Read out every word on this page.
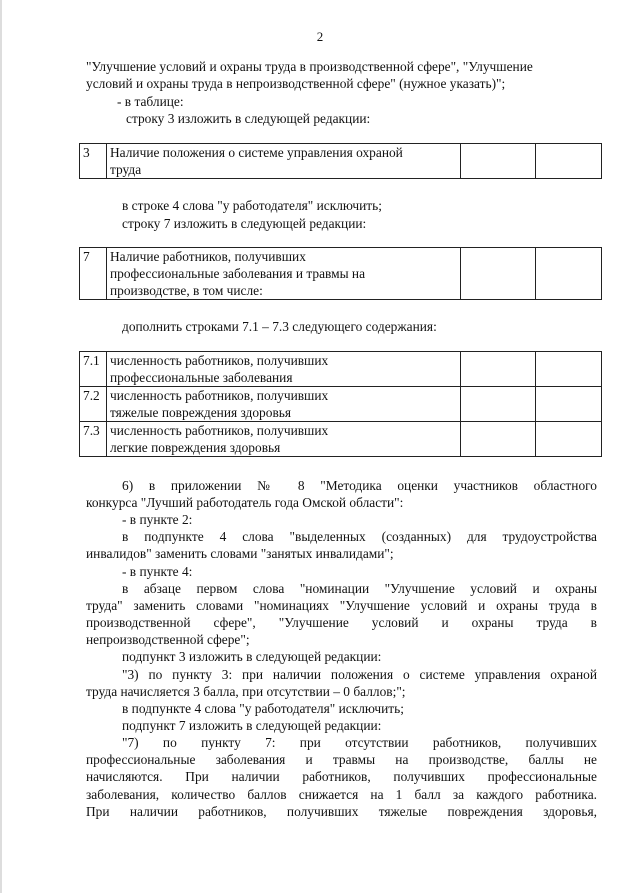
2
"Улучшение условий и охраны труда в производственной сфере", "Улучшение
условий и охраны труда в непроизводственной сфере" (нужное указать)";
- в таблице:
строку 3 изложить в следующей редакции:
3	Наличие положения о системе управления охраной
труда

в строке 4 слова "у работодателя" исключить;
строку 7 изложить в следующей редакции:
7	Наличие работников, получивших
профессиональные заболевания и травмы на
производстве, в том числе:

дополнить строками 7.1 – 7.3 следующего содержания:
7.1	численность работников, получивших
профессиональные заболевания		

7.2	численность работников, получивших
тяжелые повреждения здоровья		

7.3	численность работников, получивших
легкие повреждения здоровья		

6) в приложении № 8 "Методика оценки участников областного
конкурса "Лучший работодатель года Омской области":
- в пункте 2:
в подпункте 4 слова "выделенных (созданных) для трудоустройства
инвалидов" заменить словами "занятых инвалидами";
- в пункте 4:
в абзаце первом слова "номинации "Улучшение условий и охраны
труда" заменить словами "номинациях "Улучшение условий и охраны труда в
производственной сфере", "Улучшение условий и охраны труда в
непроизводственной сфере";
подпункт 3 изложить в следующей редакции:
"3) по пункту 3: при наличии положения о системе управления охраной
труда начисляется 3 балла, при отсутствии – 0 баллов;";
в подпункте 4 слова "у работодателя" исключить;
подпункт 7 изложить в следующей редакции:
"7) по пункту 7: при отсутствии работников, получивших
профессиональные заболевания и травмы на производстве, баллы не
начисляются. При наличии работников, получивших профессиональные
заболевания, количество баллов снижается на 1 балл за каждого работника.
При наличии работников, получивших тяжелые повреждения здоровья,
